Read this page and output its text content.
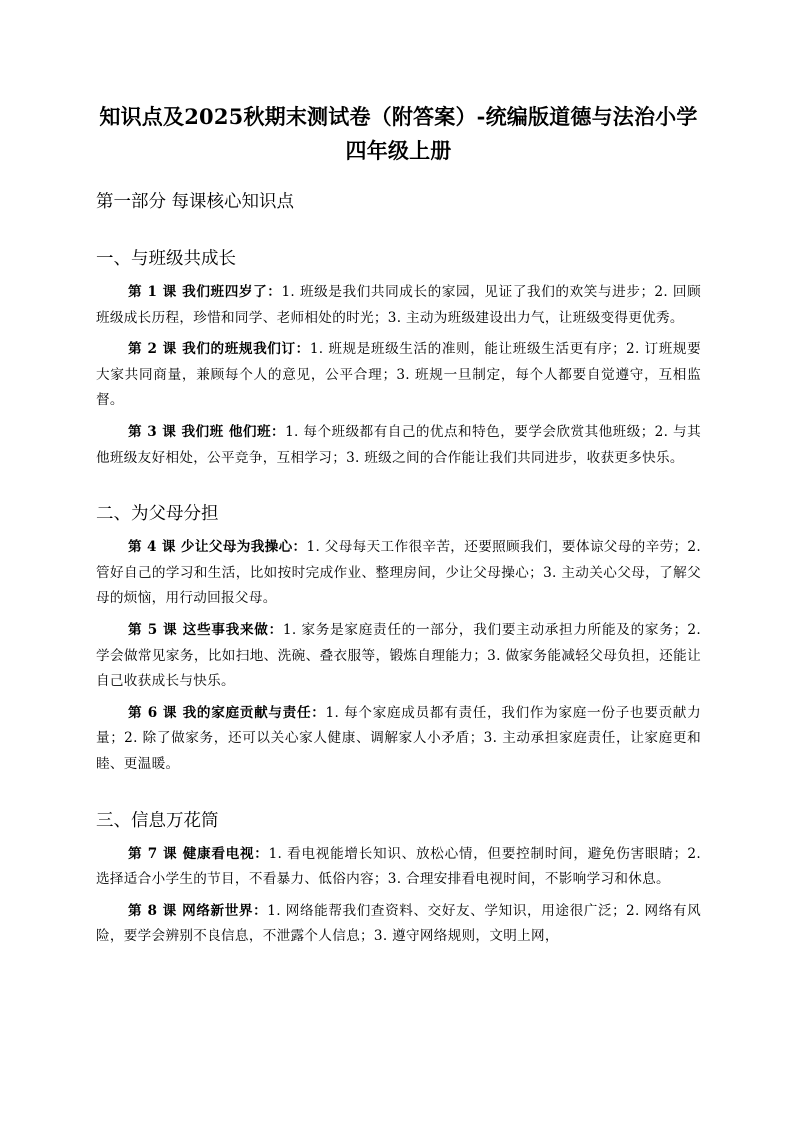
知识点及2025秋期末测试卷（附答案）-统编版道德与法治小学四年级上册
第一部分 每课核心知识点
一、与班级共成长

第 1 课 我们班四岁了：1. 班级是我们共同成长的家园，见证了我们的欢笑与进步；2. 回顾班级成长历程，珍惜和同学、老师相处的时光；3. 主动为班级建设出力气，让班级变得更优秀。

第 2 课 我们的班规我们订：1. 班规是班级生活的准则，能让班级生活更有序；2. 订班规要大家共同商量，兼顾每个人的意见，公平合理；3. 班规一旦制定，每个人都要自觉遵守，互相监督。

第 3 课 我们班 他们班：1. 每个班级都有自己的优点和特色，要学会欣赏其他班级；2. 与其他班级友好相处，公平竞争，互相学习；3. 班级之间的合作能让我们共同进步，收获更多快乐。

二、为父母分担

第 4 课 少让父母为我操心：1. 父母每天工作很辛苦，还要照顾我们，要体谅父母的辛劳；2. 管好自己的学习和生活，比如按时完成作业、整理房间，少让父母操心；3. 主动关心父母，了解父母的烦恼，用行动回报父母。

第 5 课 这些事我来做：1. 家务是家庭责任的一部分，我们要主动承担力所能及的家务；2. 学会做常见家务，比如扫地、洗碗、叠衣服等，锻炼自理能力；3. 做家务能减轻父母负担，还能让自己收获成长与快乐。

第 6 课 我的家庭贡献与责任：1. 每个家庭成员都有责任，我们作为家庭一份子也要贡献力量；2. 除了做家务，还可以关心家人健康、调解家人小矛盾；3. 主动承担家庭责任，让家庭更和睦、更温暖。

三、信息万花筒

第 7 课 健康看电视：1. 看电视能增长知识、放松心情，但要控制时间，避免伤害眼睛；2. 选择适合小学生的节目，不看暴力、低俗内容；3. 合理安排看电视时间，不影响学习和休息。

第 8 课 网络新世界：1. 网络能帮我们查资料、交好友、学知识，用途很广泛；2. 网络有风险，要学会辨别不良信息，不泄露个人信息；3. 遵守网络规则，文明上网，
